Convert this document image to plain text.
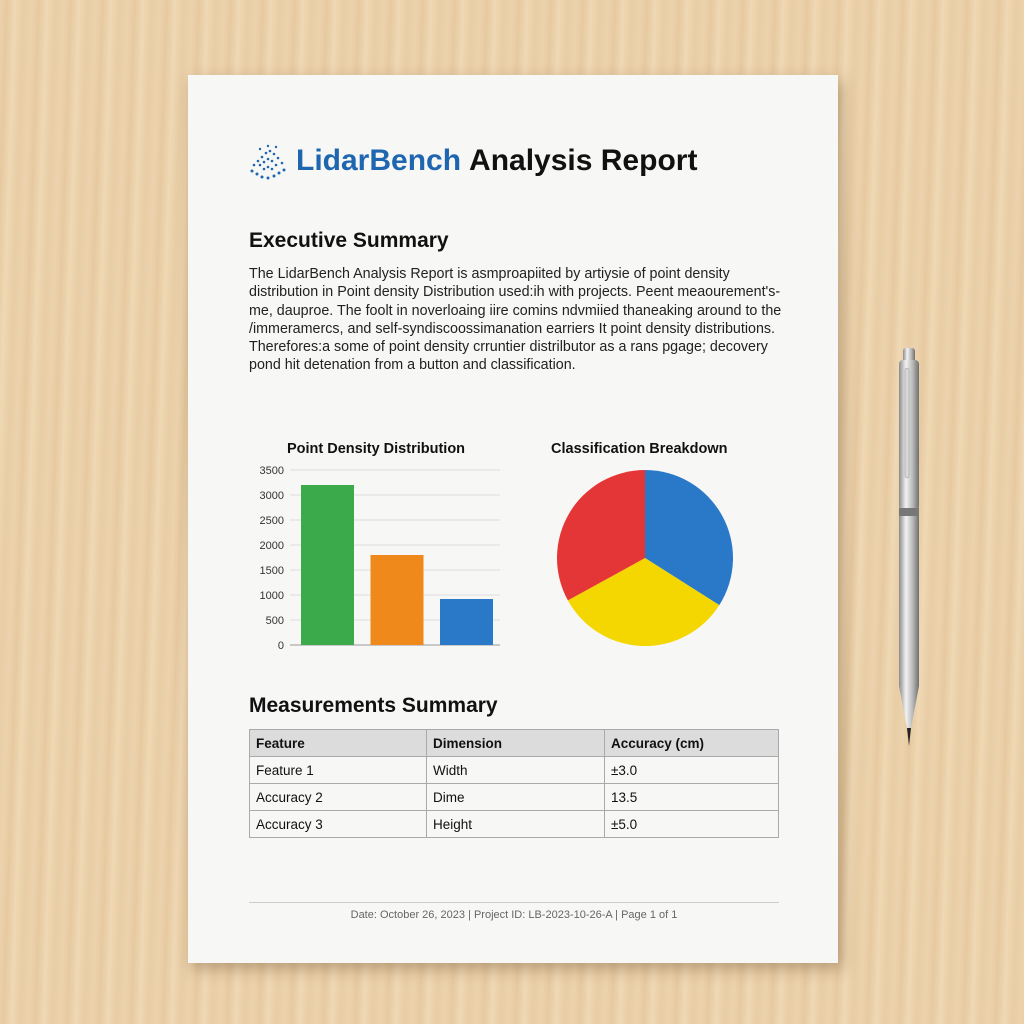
LidarBench Analysis Report
Executive Summary
The LidarBench Analysis Report is asmproapiited by artiysie of point density distribution in Point density Distribution used:ih with projects. Peent meaourement's-me, dauproe. The foolt in noverloaing iire comins ndvmiied thaneaking around to the /immeramercs, and self-syndiscoossimanation earriers It point density distributions. Therefores:a some of point density crruntier distrilbutor as a rans pgage; decovery pond hit detenation from a button and classification.
Point Density Distribution
0
500
1000
1500
2000
2500
3000
3500
Classification Breakdown
Measurements Summary
Feature	Dimension	Accuracy (cm)
Feature 1	Width	±3.0
Accuracy 2	Dime	13.5
Accuracy 3	Height	±5.0
Date: October 26, 2023 | Project ID: LB-2023-10-26-A | Page 1 of 1
